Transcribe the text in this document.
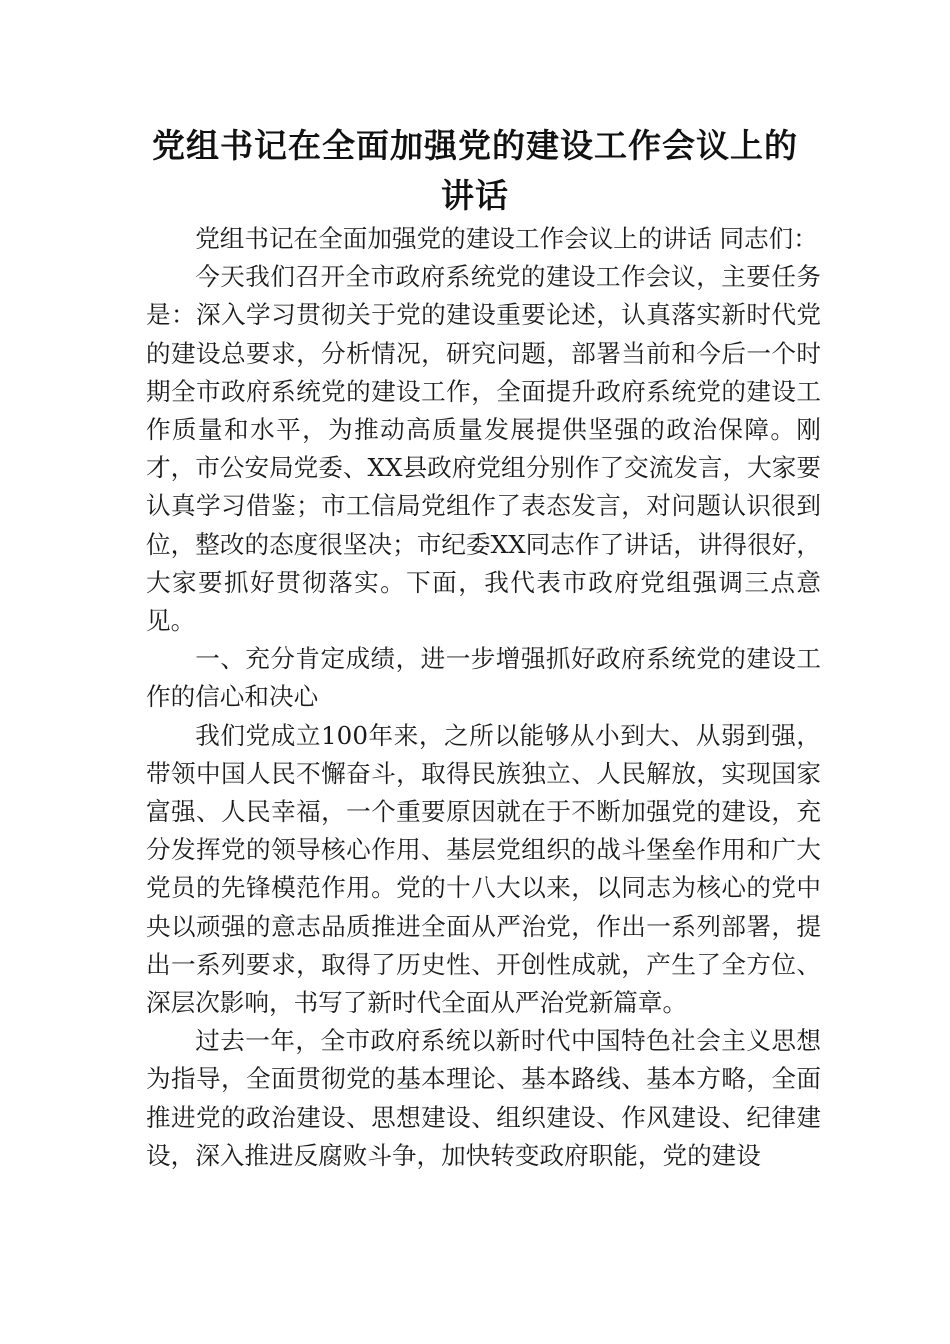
党组书记在全面加强党的建设工作会议上的
讲话

党组书记在全面加强党的建设工作会议上的讲话 同志们：

今天我们召开全市政府系统党的建设工作会议，主要任务是：深入学习贯彻关于党的建设重要论述，认真落实新时代党的建设总要求，分析情况，研究问题，部署当前和今后一个时期全市政府系统党的建设工作，全面提升政府系统党的建设工作质量和水平，为推动高质量发展提供坚强的政治保障。刚才，市公安局党委、XX县政府党组分别作了交流发言，大家要认真学习借鉴；市工信局党组作了表态发言，对问题认识很到位，整改的态度很坚决；市纪委XX同志作了讲话，讲得很好，大家要抓好贯彻落实。下面，我代表市政府党组强调三点意见。

一、充分肯定成绩，进一步增强抓好政府系统党的建设工作的信心和决心

我们党成立100年来，之所以能够从小到大、从弱到强，带领中国人民不懈奋斗，取得民族独立、人民解放，实现国家富强、人民幸福，一个重要原因就在于不断加强党的建设，充分发挥党的领导核心作用、基层党组织的战斗堡垒作用和广大党员的先锋模范作用。党的十八大以来，以同志为核心的党中央以顽强的意志品质推进全面从严治党，作出一系列部署，提出一系列要求，取得了历史性、开创性成就，产生了全方位、深层次影响，书写了新时代全面从严治党新篇章。

过去一年，全市政府系统以新时代中国特色社会主义思想为指导，全面贯彻党的基本理论、基本路线、基本方略，全面推进党的政治建设、思想建设、组织建设、作风建设、纪律建设，深入推进反腐败斗争，加快转变政府职能，党的建设
